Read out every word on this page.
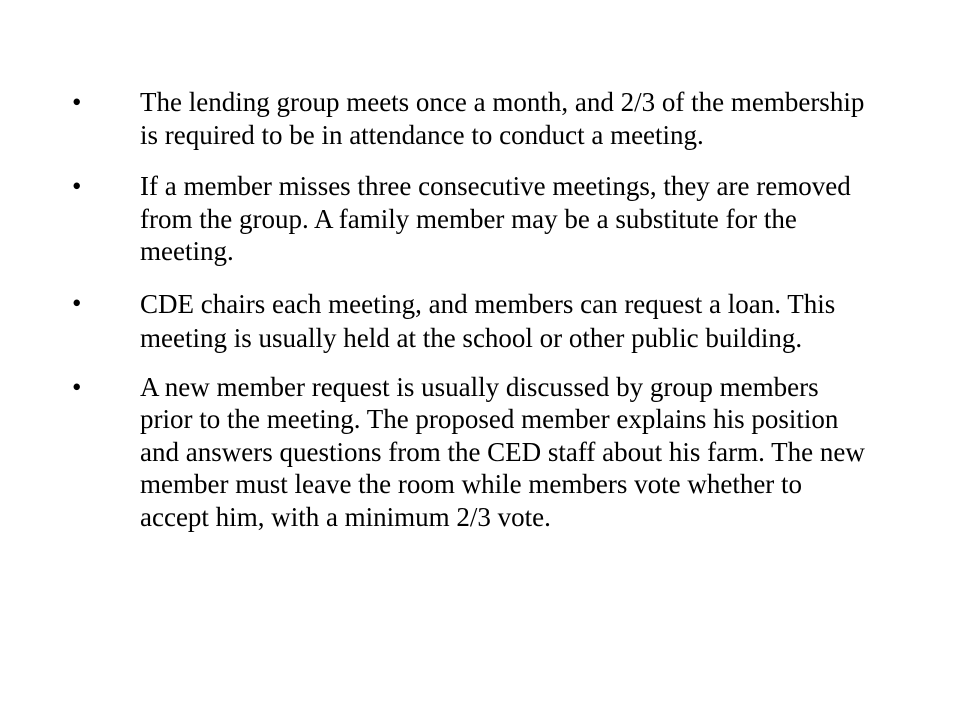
•	The lending group meets once a month, and 2/3 of the membership is required to be in attendance to conduct a meeting.
•	If a member misses three consecutive meetings, they are removed from the group. A family member may be a substitute for the meeting.
•	CDE chairs each meeting, and members can request a loan. This meeting is usually held at the school or other public building.
•	A new member request is usually discussed by group members prior to the meeting. The proposed member explains his position and answers questions from the CED staff about his farm. The new member must leave the room while members vote whether to accept him, with a minimum 2/3 vote.
